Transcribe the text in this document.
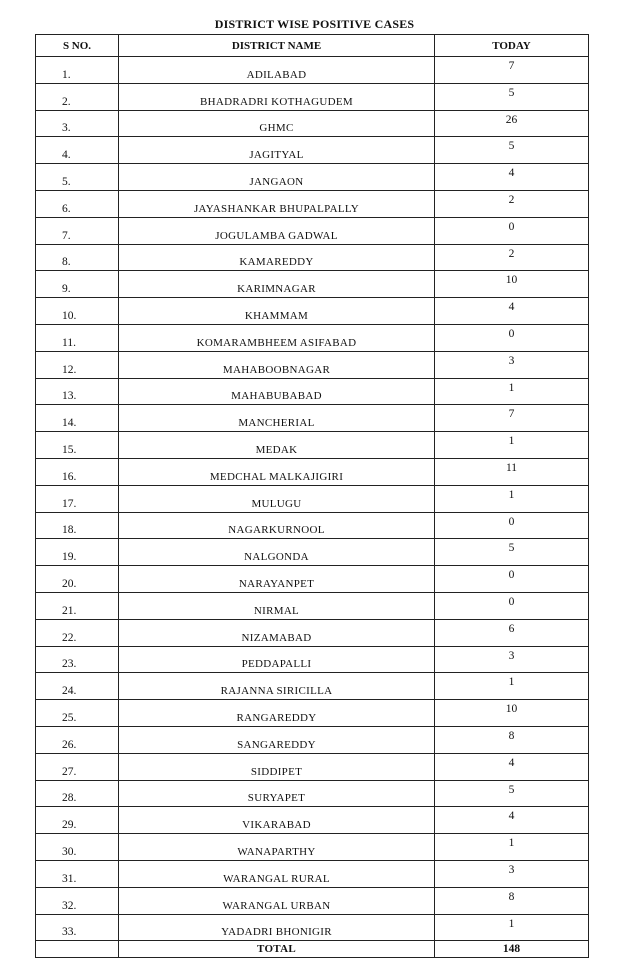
DISTRICT WISE POSITIVE CASES
S NO.	DISTRICT NAME	TODAY
1.	ADILABAD	7
2.	BHADRADRI KOTHAGUDEM	5
3.	GHMC	26
4.	JAGITYAL	5
5.	JANGAON	4
6.	JAYASHANKAR BHUPALPALLY	2
7.	JOGULAMBA GADWAL	0
8.	KAMAREDDY	2
9.	KARIMNAGAR	10
10.	KHAMMAM	4
11.	KOMARAMBHEEM ASIFABAD	0
12.	MAHABOOBNAGAR	3
13.	MAHABUBABAD	1
14.	MANCHERIAL	7
15.	MEDAK	1
16.	MEDCHAL MALKAJIGIRI	11
17.	MULUGU	1
18.	NAGARKURNOOL	0
19.	NALGONDA	5
20.	NARAYANPET	0
21.	NIRMAL	0
22.	NIZAMABAD	6
23.	PEDDAPALLI	3
24.	RAJANNA SIRICILLA	1
25.	RANGAREDDY	10
26.	SANGAREDDY	8
27.	SIDDIPET	4
28.	SURYAPET	5
29.	VIKARABAD	4
30.	WANAPARTHY	1
31.	WARANGAL RURAL	3
32.	WARANGAL URBAN	8
33.	YADADRI BHONIGIR	1
	TOTAL	148
